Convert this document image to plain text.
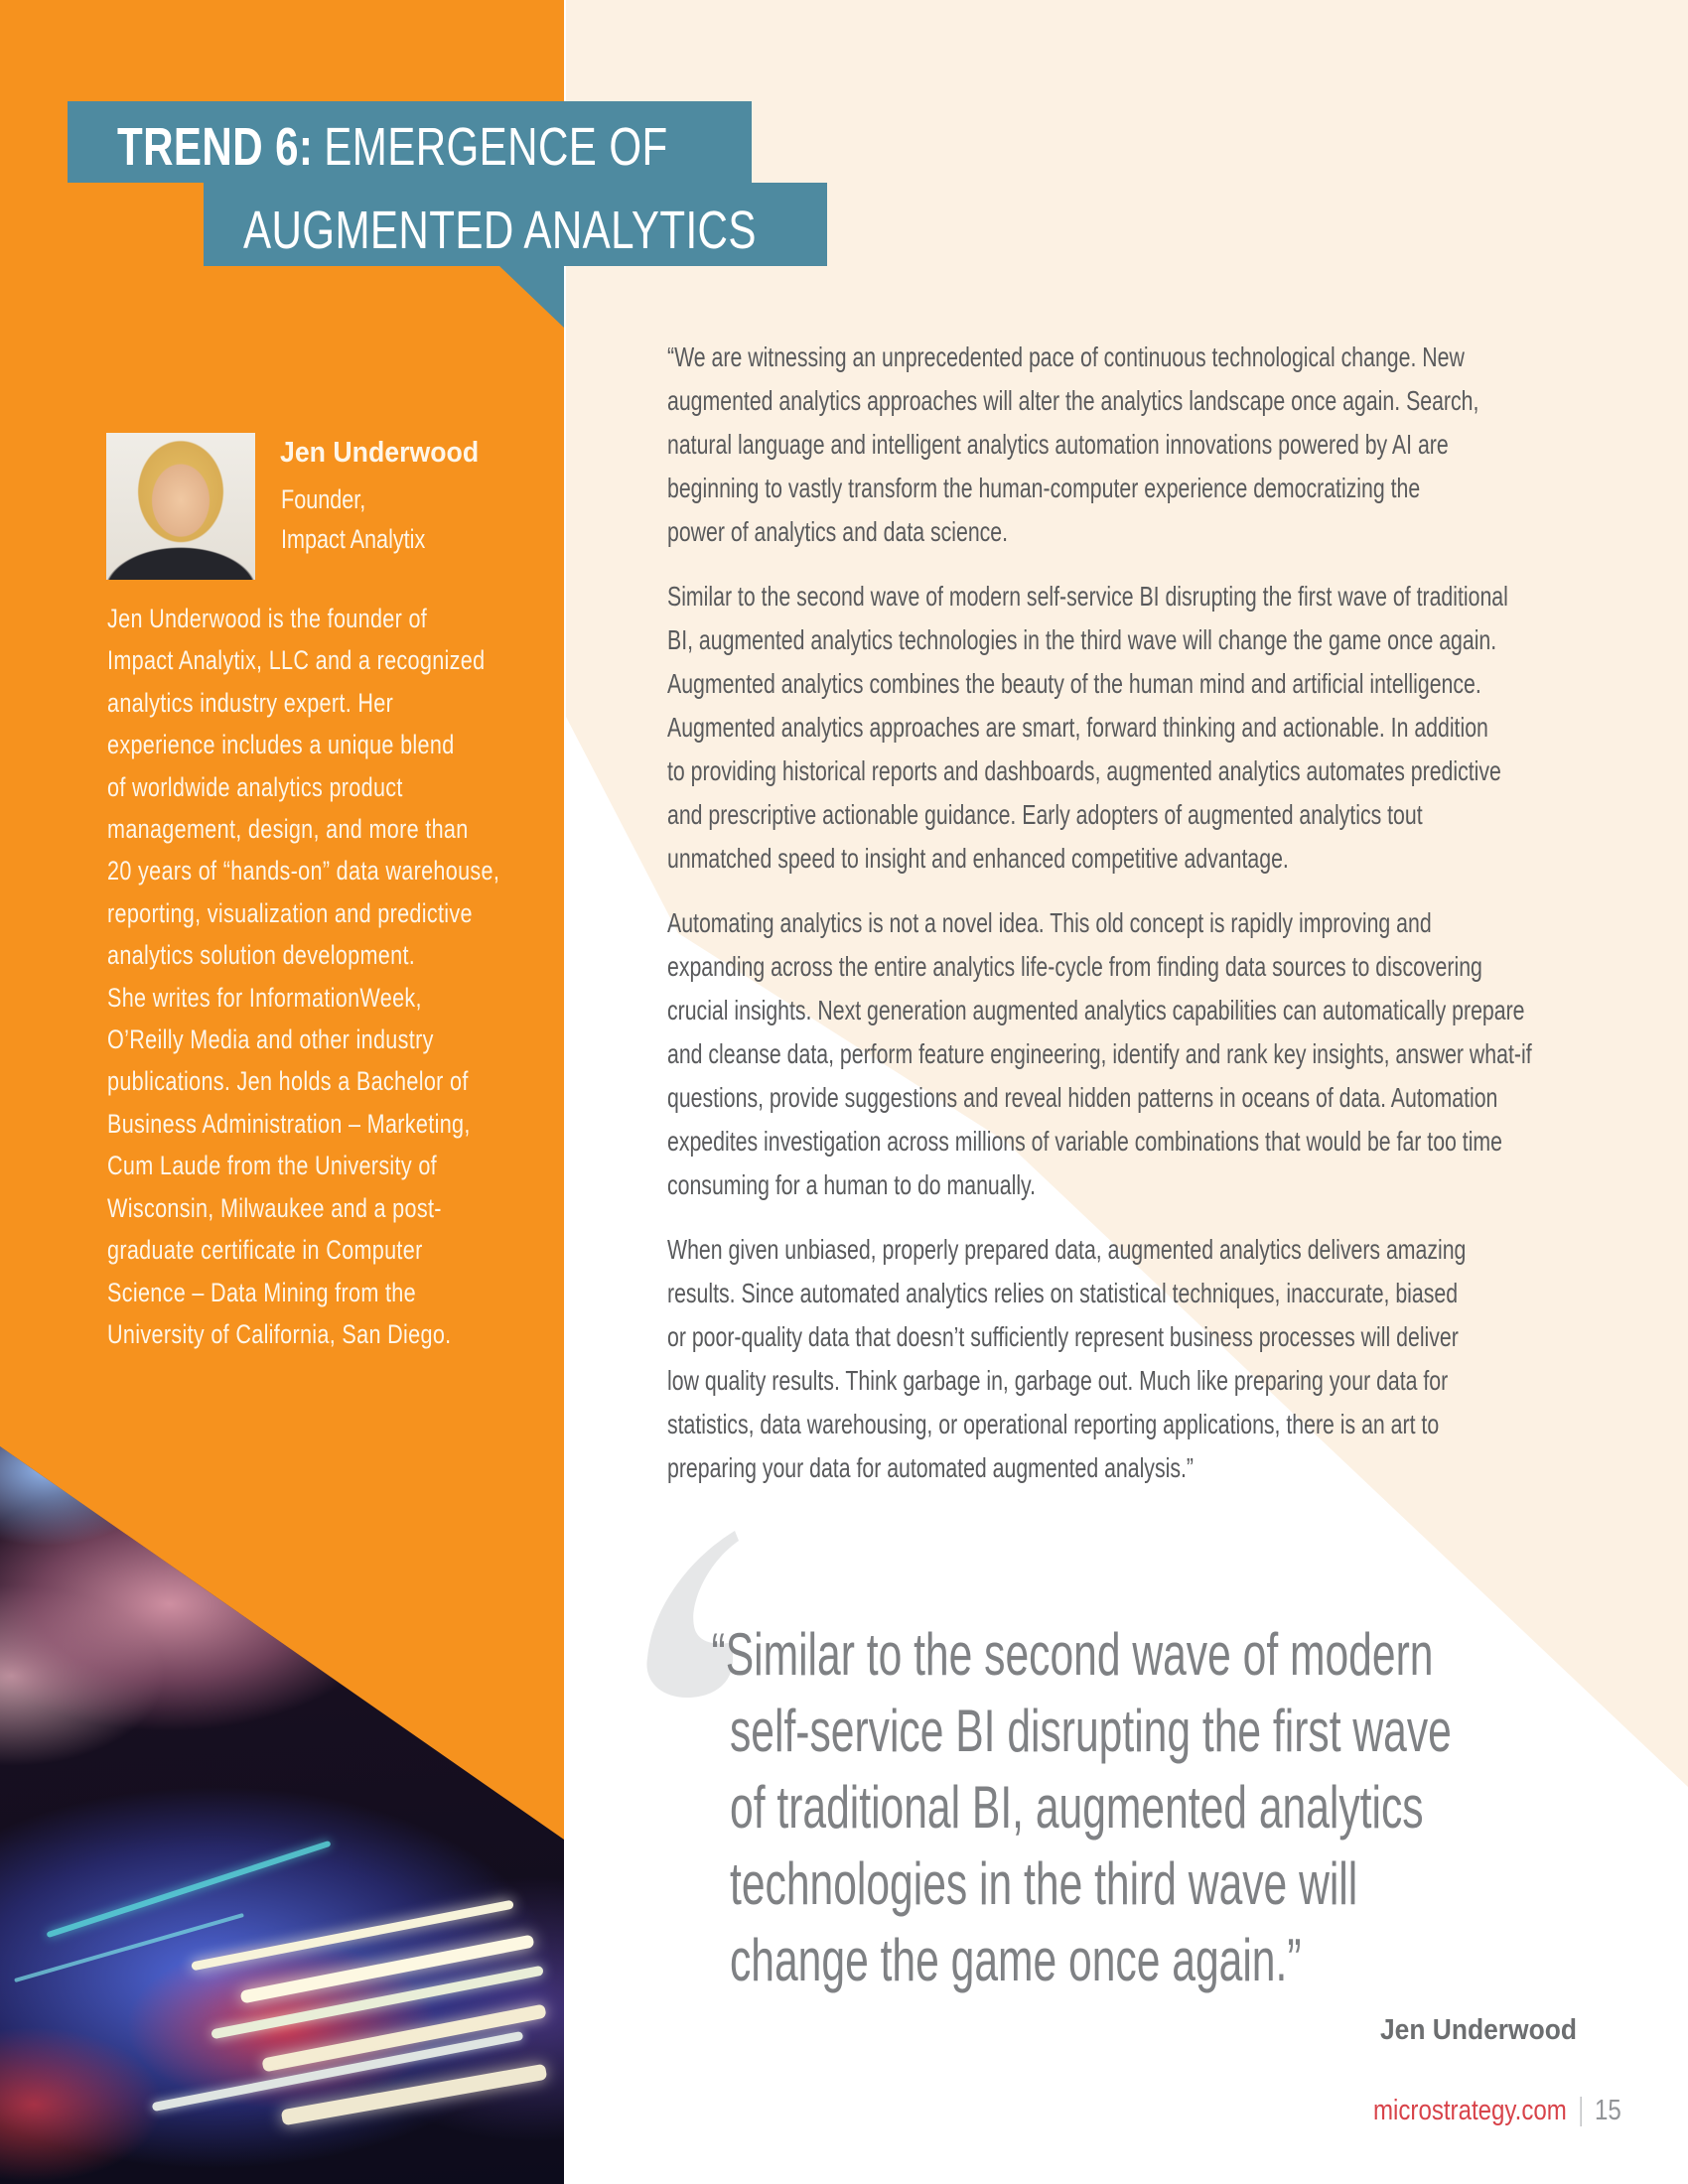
TREND 6: EMERGENCE OF
AUGMENTED ANALYTICS
Jen Underwood
Founder,
Impact Analytix
Jen Underwood is the founder of
Impact Analytix, LLC and a recognized
analytics industry expert. Her
experience includes a unique blend
of worldwide analytics product
management, design, and more than
20 years of “hands-on” data warehouse,
reporting, visualization and predictive
analytics solution development.
She writes for InformationWeek,
O’Reilly Media and other industry
publications. Jen holds a Bachelor of
Business Administration – Marketing,
Cum Laude from the University of
Wisconsin, Milwaukee and a post-
graduate certificate in Computer
Science – Data Mining from the
University of California, San Diego.
“We are witnessing an unprecedented pace of continuous technological change. New
augmented analytics approaches will alter the analytics landscape once again. Search,
natural language and intelligent analytics automation innovations powered by AI are
beginning to vastly transform the human-computer experience democratizing the
power of analytics and data science.
Similar to the second wave of modern self-service BI disrupting the first wave of traditional
BI, augmented analytics technologies in the third wave will change the game once again.
Augmented analytics combines the beauty of the human mind and artificial intelligence.
Augmented analytics approaches are smart, forward thinking and actionable. In addition
to providing historical reports and dashboards, augmented analytics automates predictive
and prescriptive actionable guidance. Early adopters of augmented analytics tout
unmatched speed to insight and enhanced competitive advantage.
Automating analytics is not a novel idea. This old concept is rapidly improving and
expanding across the entire analytics life-cycle from finding data sources to discovering
crucial insights. Next generation augmented analytics capabilities can automatically prepare
and cleanse data, perform feature engineering, identify and rank key insights, answer what-if
questions, provide suggestions and reveal hidden patterns in oceans of data. Automation
expedites investigation across millions of variable combinations that would be far too time
consuming for a human to do manually.
When given unbiased, properly prepared data, augmented analytics delivers amazing
results. Since automated analytics relies on statistical techniques, inaccurate, biased
or poor-quality data that doesn’t sufficiently represent business processes will deliver
low quality results. Think garbage in, garbage out. Much like preparing your data for
statistics, data warehousing, or operational reporting applications, there is an art to
preparing your data for automated augmented analysis.”
“Similar to the second wave of modern
self-service BI disrupting the first wave
of traditional BI, augmented analytics
technologies in the third wave will
change the game once again.”
Jen Underwood
microstrategy.com 15
